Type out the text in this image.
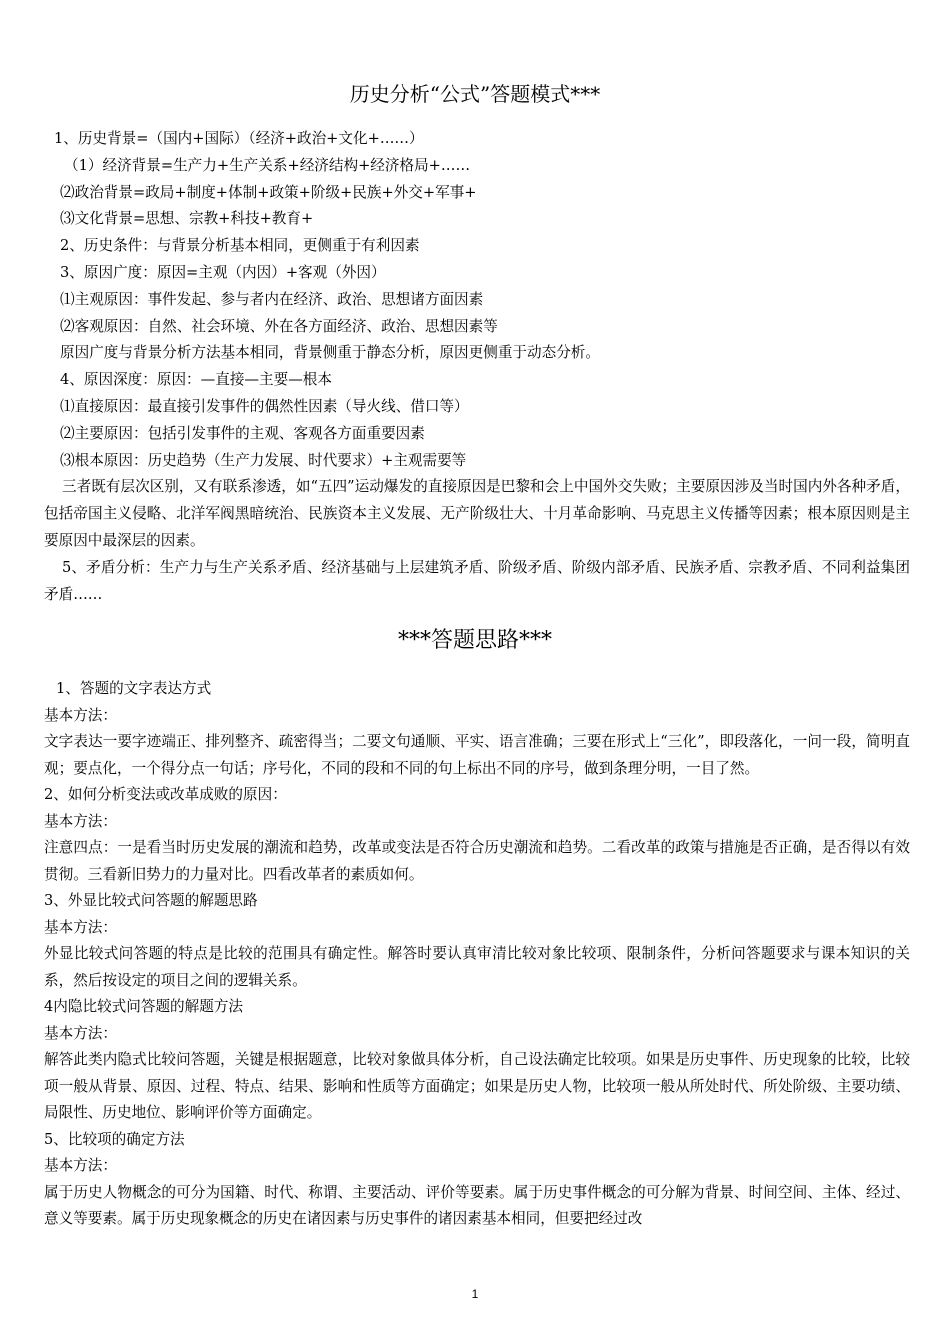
历史分析“公式”答题模式***
1、历史背景=（国内+国际）（经济+政治+文化+……）
（1）经济背景=生产力+生产关系+经济结构+经济格局+……
⑵政治背景=政局+制度+体制+政策+阶级+民族+外交+军事+
⑶文化背景=思想、宗教+科技+教育+
2、历史条件：与背景分析基本相同，更侧重于有利因素
3、原因广度：原因=主观（内因）+客观（外因）
⑴主观原因：事件发起、参与者内在经济、政治、思想诸方面因素
⑵客观原因：自然、社会环境、外在各方面经济、政治、思想因素等
原因广度与背景分析方法基本相同，背景侧重于静态分析，原因更侧重于动态分析。
4、原因深度：原因：—直接—主要—根本
⑴直接原因：最直接引发事件的偶然性因素（导火线、借口等）
⑵主要原因：包括引发事件的主观、客观各方面重要因素
⑶根本原因：历史趋势（生产力发展、时代要求）+主观需要等
三者既有层次区别，又有联系渗透，如“五四”运动爆发的直接原因是巴黎和会上中国外交失败；主要原因涉及当时国内外各种矛盾，包括帝国主义侵略、北洋军阀黑暗统治、民族资本主义发展、无产阶级壮大、十月革命影响、马克思主义传播等因素；根本原因则是主要原因中最深层的因素。
5、矛盾分析：生产力与生产关系矛盾、经济基础与上层建筑矛盾、阶级矛盾、阶级内部矛盾、民族矛盾、宗教矛盾、不同利益集团矛盾……
***答题思路***
1、答题的文字表达方式
基本方法：
文字表达一要字迹端正、排列整齐、疏密得当；二要文句通顺、平实、语言准确；三要在形式上“三化”，即段落化，一问一段，简明直观；要点化，一个得分点一句话；序号化，不同的段和不同的句上标出不同的序号，做到条理分明，一目了然。
2、如何分析变法或改革成败的原因：
基本方法：
注意四点：一是看当时历史发展的潮流和趋势，改革或变法是否符合历史潮流和趋势。二看改革的政策与措施是否正确，是否得以有效贯彻。三看新旧势力的力量对比。四看改革者的素质如何。
3、外显比较式问答题的解题思路
基本方法：
外显比较式问答题的特点是比较的范围具有确定性。解答时要认真审清比较对象比较项、限制条件，分析问答题要求与课本知识的关系，然后按设定的项目之间的逻辑关系。
4内隐比较式问答题的解题方法
基本方法：
解答此类内隐式比较问答题，关键是根据题意，比较对象做具体分析，自己设法确定比较项。如果是历史事件、历史现象的比较，比较项一般从背景、原因、过程、特点、结果、影响和性质等方面确定；如果是历史人物，比较项一般从所处时代、所处阶级、主要功绩、局限性、历史地位、影响评价等方面确定。
5、比较项的确定方法
基本方法：
属于历史人物概念的可分为国籍、时代、称谓、主要活动、评价等要素。属于历史事件概念的可分解为背景、时间空间、主体、经过、意义等要素。属于历史现象概念的历史在诸因素与历史事件的诸因素基本相同，但要把经过改
1
